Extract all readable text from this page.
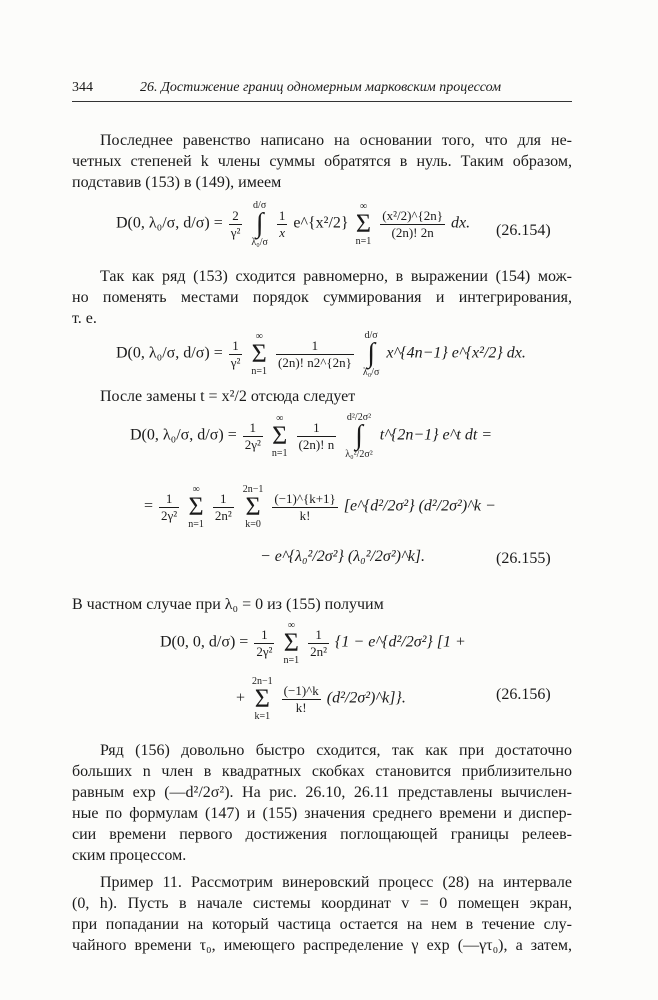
344	26. Достижение границ одномерным марковским процессом
Последнее равенство написано на основании того, что для не-
четных степеней k члены суммы обратятся в нуль. Таким образом,
подставив (153) в (149), имеем
D(0, λ₀/σ, $d/\sigma) = \frac{2}{\text{γ²}}$

d/σ
∫
λ₀/σ

$\frac{1}{x}$ e^{x²/2}
∞
Σ
n=1

$\frac{\text{(x²/2)\textasciicircum{}\{2n\}}}{(2n)! 2n}$ dx. (26.154)
Так как ряд (153) сходится равномерно, в выражении (154) мож-
но поменять местами порядок суммирования и интегрирования,
т. е.
D(0, λ₀/σ, $d/\sigma) = \frac{1}{\text{γ²}}$

∞
Σ
n=1

$\frac{1}{(2n)! n2\^{}\{2n\}}$

d/σ
∫
λ₀/σ
x^{4n−1} e^{x²/2} dx.
После замены t = x²/2 отсюда следует
D(0, λ₀/σ, $d/\sigma) = \frac{1}{\text{2γ²}}$

∞
Σ
n=1

$\frac{1}{(2n)! n}$

d²/2σ²
∫
λ₀²/2σ²
t^{2n−1} e^t dt =
= $\frac{1}{\text{2γ²}}$

∞
Σ
n=1

$\frac{1}{\text{2n²}}$

2n−1
Σ
k=0

$\frac{(-1)\^{}\{k+1\}}{k!}$ [e^{d²/2σ²} (d²/2σ²)^k −
− e^{λ₀²/2σ²} (λ₀²/2σ²)^k].	(26.155)
В частном случае при λ₀ = 0 из (155) получим
D(0, 0, $d/\sigma) = \frac{1}{\text{2γ²}}$

∞
Σ
n=1

$\frac{1}{\text{2n²}} \{1$ − e^{d²/2σ²} [1 +
+
2n−1
Σ
k=1

$\frac{(-1)\^{}k}{k!}$ (d²/2σ²)^k]}.	(26.156)
Ряд (156) довольно быстро сходится, так как при достаточно
больших n член в квадратных скобках становится приблизительно
равным exp (—d²/2σ²). На рис. 26.10, 26.11 представлены вычислен-
ные по формулам (147) и (155) значения среднего времени и диспер-
сии времени первого достижения поглощающей границы релеев-
ским процессом.
Пример 11. Рассмотрим винеровский процесс (28) на интервале
(0, h). Пусть в начале системы координат v = 0 помещен экран,
при попадании на который частица остается на нем в течение слу-
чайного времени τ₀, имеющего распределение γ exp (—γτ₀), а затем,
